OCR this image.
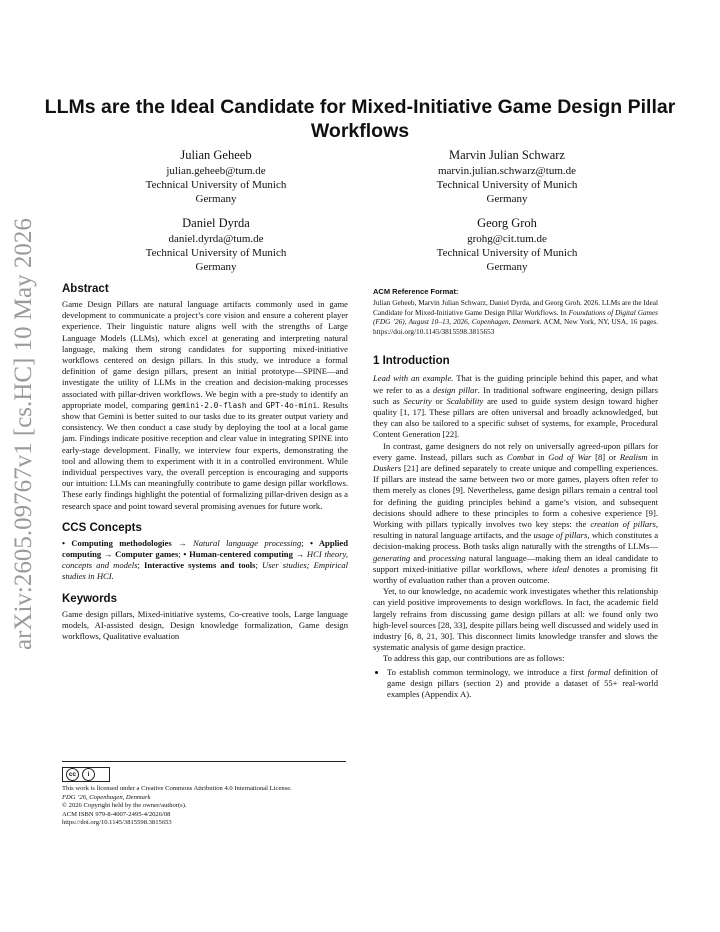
LLMs are the Ideal Candidate for Mixed-Initiative Game Design Pillar Workflows
Julian Geheeb
julian.geheeb@tum.de
Technical University of Munich
Germany
Marvin Julian Schwarz
marvin.julian.schwarz@tum.de
Technical University of Munich
Germany
Daniel Dyrda
daniel.dyrda@tum.de
Technical University of Munich
Germany
Georg Groh
grohg@cit.tum.de
Technical University of Munich
Germany
arXiv:2605.09767v1 [cs.HC] 10 May 2026	Abstract

Game Design Pillars are natural language artifacts commonly used in game development to communicate a project’s core vision and ensure a coherent player experience. Their linguistic nature aligns well with the strengths of Large Language Models (LLMs), which excel at generating and interpreting natural language, making them strong candidates for supporting mixed-initiative workflows centered on design pillars. In this study, we introduce a formal definition of game design pillars, present an initial prototype—SPINE—and investigate the utility of LLMs in the creation and decision-making processes associated with pillar-driven workflows. We begin with a pre-study to identify an appropriate model, comparing gemini-2.0-flash and GPT-4o-mini. Results show that Gemini is better suited to our tasks due to its greater output variety and consistency. We then conduct a case study by deploying the tool at a local game jam. Findings indicate positive reception and clear value in integrating SPINE into early-stage development. Finally, we interview four experts, demonstrating the tool and allowing them to experiment with it in a controlled environment. While individual perspectives vary, the overall perception is encouraging and supports our intuition: LLMs can meaningfully contribute to game design pillar workflows. These early findings highlight the potential of formalizing pillar-driven design as a research space and point toward several promising avenues for future work.

CCS Concepts

• Computing methodologies → Natural language processing; • Applied computing → Computer games; • Human-centered computing → HCI theory, concepts and models; Interactive systems and tools; User studies; Empirical studies in HCI.

Keywords

Game design pillars, Mixed-initiative systems, Co-creative tools, Large language models, AI-assisted design, Design knowledge formalization, Game design workflows, Qualitative evaluation

cc	i
This work is licensed under a Creative Commons Attribution 4.0 International License.
FDG ’26, Copenhagen, Denmark
© 2026 Copyright held by the owner/author(s).
ACM ISBN 979-8-4007-2495-4/2026/08
https://doi.org/10.1145/3815598.3815653
ACM Reference Format:

Julian Geheeb, Marvin Julian Schwarz, Daniel Dyrda, and Georg Groh. 2026. LLMs are the Ideal Candidate for Mixed-Initiative Game Design Pillar Workflows. In Foundations of Digital Games (FDG ’26), August 10–13, 2026, Copenhagen, Denmark. ACM, New York, NY, USA, 16 pages. https://doi.org/10.1145/3815598.3815653

1 Introduction

Lead with an example. That is the guiding principle behind this paper, and what we refer to as a design pillar. In traditional software engineering, design pillars such as Security or Scalability are used to guide system design toward higher quality [1, 17]. These pillars are often universal and broadly acknowledged, but they can also be tailored to a specific subset of systems, for example, Procedural Content Generation [22].

In contrast, game designers do not rely on universally agreed-upon pillars for every game. Instead, pillars such as Combat in God of War [8] or Realism in Duskers [21] are defined separately to create unique and compelling experiences. If pillars are instead the same between two or more games, players often refer to them merely as clones [9]. Nevertheless, game design pillars remain a central tool for defining the guiding principles behind a game’s vision, and subsequent decisions should adhere to these principles to form a cohesive experience [9]. Working with pillars typically involves two key steps: the creation of pillars, resulting in natural language artifacts, and the usage of pillars, which constitutes a decision-making process. Both tasks align naturally with the strengths of LLMs—generating and processing natural language—making them an ideal candidate to support mixed-initiative pillar workflows, where ideal denotes a promising fit worthy of evaluation rather than a proven outcome.

Yet, to our knowledge, no academic work investigates whether this relationship can yield positive improvements to design workflows. In fact, the academic field largely refrains from discussing game design pillars at all: we found only two high-level sources [28, 33], despite pillars being well discussed and widely used in industry [6, 8, 21, 30]. This disconnect limits knowledge transfer and slows the systematic analysis of game design practice.

To address this gap, our contributions are as follows:

• To establish common terminology, we introduce a first formal definition of game design pillars (section 2) and provide a dataset of 55+ real-world examples (Appendix A).
